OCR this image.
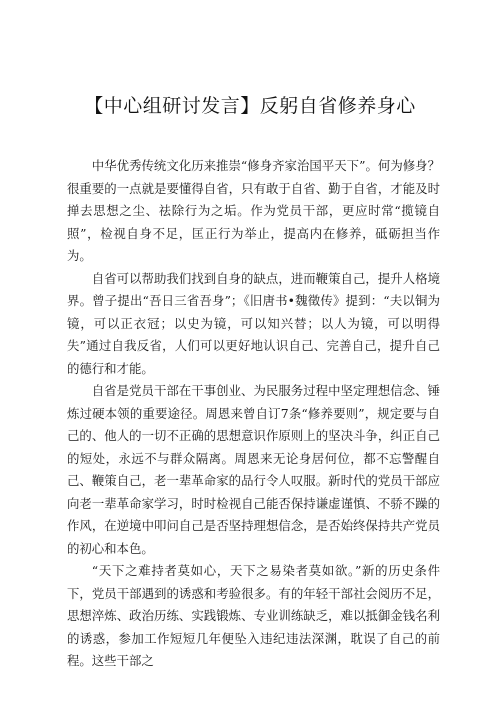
【中心组研讨发言】反躬自省修养身心

中华优秀传统文化历来推崇“修身齐家治国平天下”。何为修身？很重要的一点就是要懂得自省，只有敢于自省、勤于自省，才能及时掸去思想之尘、祛除行为之垢。作为党员干部，更应时常“揽镜自照”，检视自身不足，匡正行为举止，提高内在修养，砥砺担当作为。

自省可以帮助我们找到自身的缺点，进而鞭策自己，提升人格境界。曾子提出“吾日三省吾身”；《旧唐书•魏徵传》提到：“夫以铜为镜，可以正衣冠；以史为镜，可以知兴替；以人为镜，可以明得失”通过自我反省，人们可以更好地认识自己、完善自己，提升自己的德行和才能。

自省是党员干部在干事创业、为民服务过程中坚定理想信念、锤炼过硬本领的重要途径。周恩来曾自订7条“修养要则”，规定要与自己的、他人的一切不正确的思想意识作原则上的坚决斗争，纠正自己的短处，永远不与群众隔离。周恩来无论身居何位，都不忘警醒自己、鞭策自己，老一辈革命家的品行令人叹服。新时代的党员干部应向老一辈革命家学习，时时检视自己能否保持谦虚谨慎、不骄不躁的作风，在逆境中叩问自己是否坚持理想信念，是否始终保持共产党员的初心和本色。

“天下之难持者莫如心，天下之易染者莫如欲。”新的历史条件下，党员干部遇到的诱惑和考验很多。有的年轻干部社会阅历不足，思想淬炼、政治历练、实践锻炼、专业训练缺乏，难以抵御金钱名利的诱惑，参加工作短短几年便坠入违纪违法深渊，耽误了自己的前程。这些干部之
